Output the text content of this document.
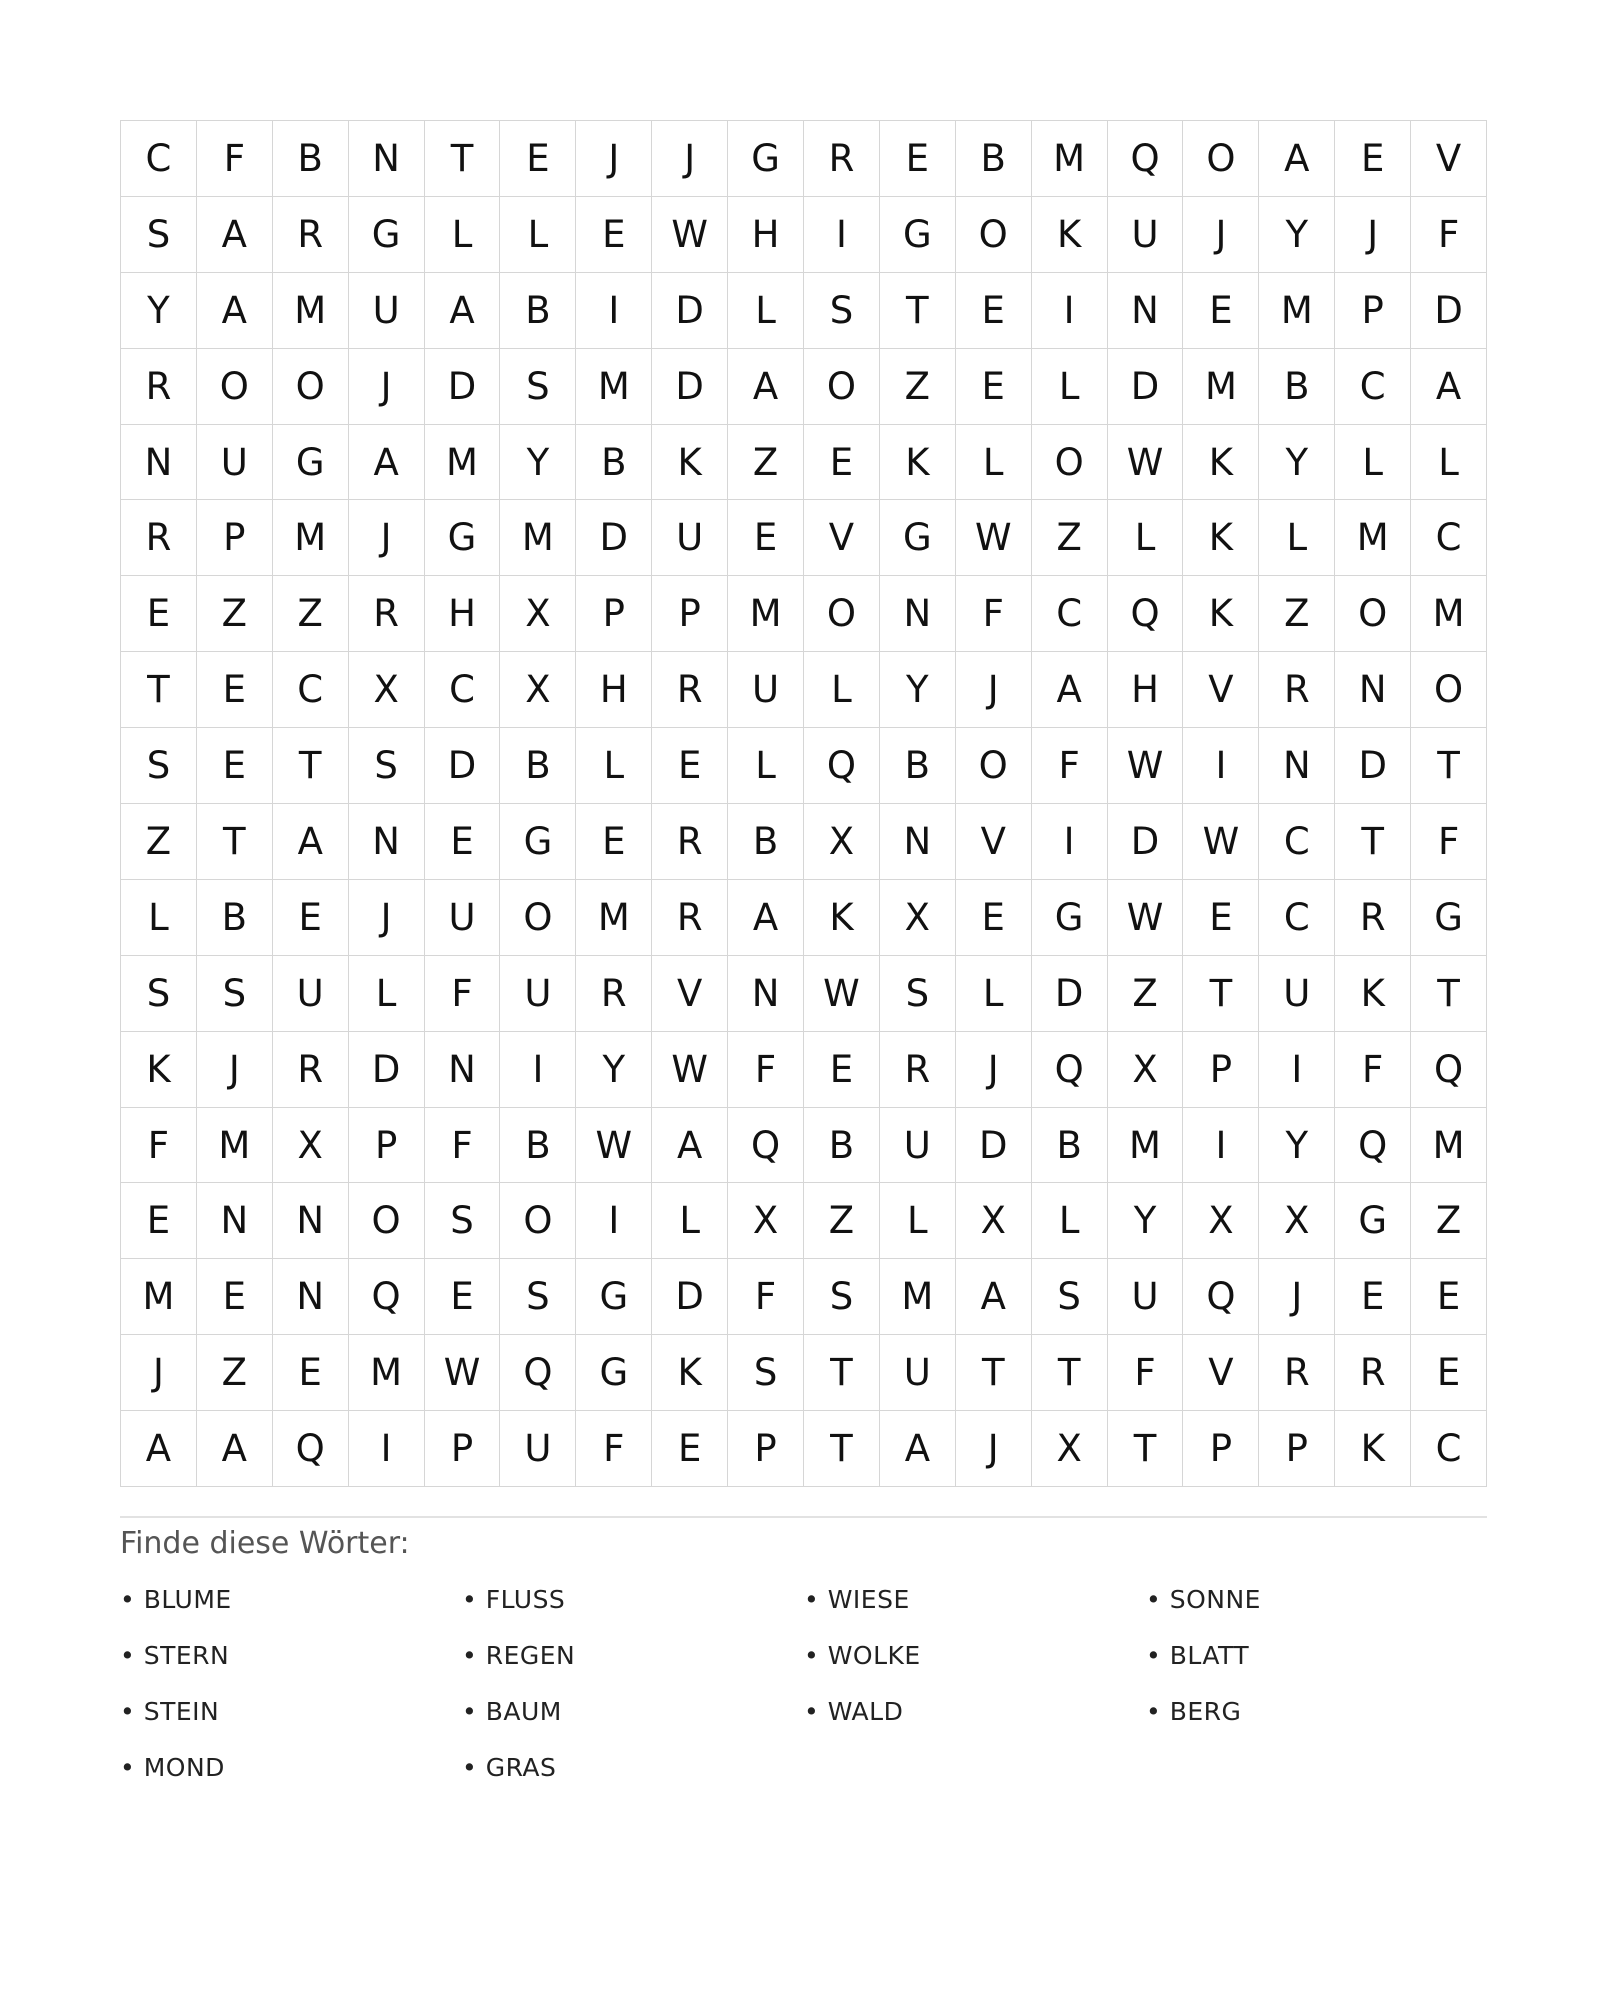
C	F	B	N	T	E	J	J	G	R	E	B	M	Q	O	A	E	V
S	A	R	G	L	L	E	W	H	I	G	O	K	U	J	Y	J	F
Y	A	M	U	A	B	I	D	L	S	T	E	I	N	E	M	P	D
R	O	O	J	D	S	M	D	A	O	Z	E	L	D	M	B	C	A
N	U	G	A	M	Y	B	K	Z	E	K	L	O	W	K	Y	L	L
R	P	M	J	G	M	D	U	E	V	G	W	Z	L	K	L	M	C
E	Z	Z	R	H	X	P	P	M	O	N	F	C	Q	K	Z	O	M
T	E	C	X	C	X	H	R	U	L	Y	J	A	H	V	R	N	O
S	E	T	S	D	B	L	E	L	Q	B	O	F	W	I	N	D	T
Z	T	A	N	E	G	E	R	B	X	N	V	I	D	W	C	T	F
L	B	E	J	U	O	M	R	A	K	X	E	G	W	E	C	R	G
S	S	U	L	F	U	R	V	N	W	S	L	D	Z	T	U	K	T
K	J	R	D	N	I	Y	W	F	E	R	J	Q	X	P	I	F	Q
F	M	X	P	F	B	W	A	Q	B	U	D	B	M	I	Y	Q	M
E	N	N	O	S	O	I	L	X	Z	L	X	L	Y	X	X	G	Z
M	E	N	Q	E	S	G	D	F	S	M	A	S	U	Q	J	E	E
J	Z	E	M	W	Q	G	K	S	T	U	T	T	F	V	R	R	E
A	A	Q	I	P	U	F	E	P	T	A	J	X	T	P	P	K	C
Finde diese Wörter:
• BLUME	• FLUSS	• WIESE	• SONNE
• STERN	• REGEN	• WOLKE	• BLATT
• STEIN	• BAUM	• WALD	• BERG
• MOND	• GRAS
